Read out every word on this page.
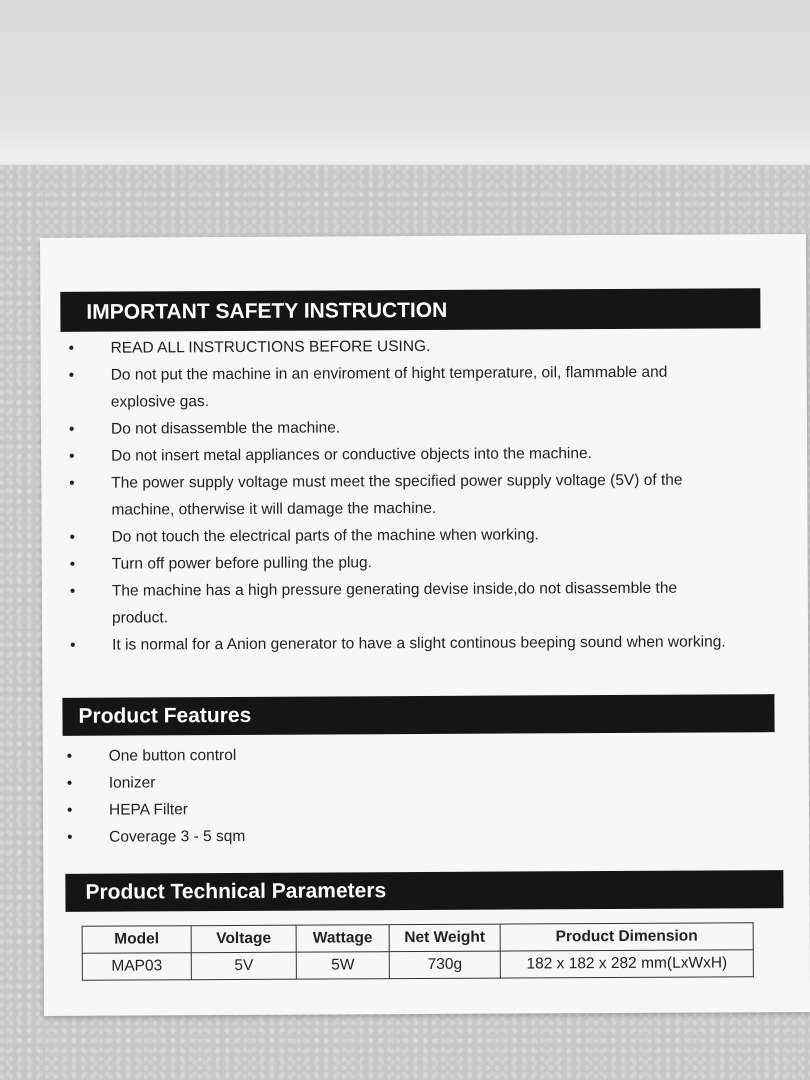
IMPORTANT SAFETY INSTRUCTION
•	READ ALL INSTRUCTIONS BEFORE USING.
•	Do not put the machine in an enviroment of hight temperature, oil, flammable and explosive gas.
•	Do not disassemble the machine.
•	Do not insert metal appliances or conductive objects into the machine.
•	The power supply voltage must meet the specified power supply voltage (5V) of the machine, otherwise it will damage the machine.
•	Do not touch the electrical parts of the machine when working.
•	Turn off power before pulling the plug.
•	The machine has a high pressure generating devise inside,do not disassemble the product.
•	It is normal for a Anion generator to have a slight continous beeping sound when working.
Product Features
•	One button control
•	Ionizer
•	HEPA Filter
•	Coverage 3 - 5 sqm
Product Technical Parameters
Model	Voltage	Wattage	Net Weight	Product Dimension
MAP03	5V	5W	730g	182 x 182 x 282 mm(LxWxH)
